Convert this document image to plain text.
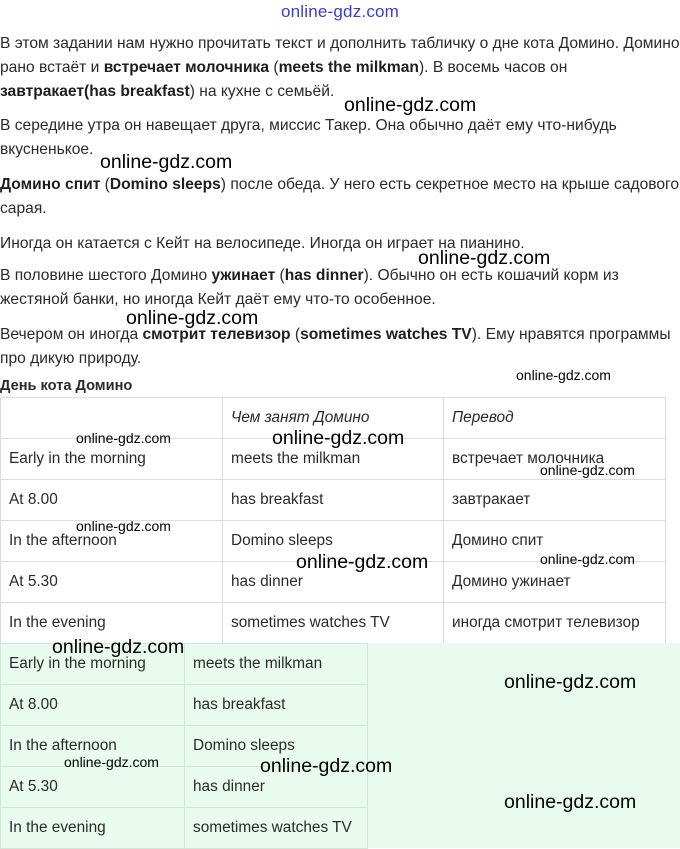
online-gdz.com

В этом задании нам нужно прочитать текст и дополнить табличку о дне кота Домино. Домино рано встаёт и встречает молочника (meets the milkman). В восемь часов он завтракает(has breakfast) на кухне с семьёй.

В середине утра он навещает друга, миссис Такер. Она обычно даёт ему что-нибудь вкусненькое.

Домино спит (Domino sleeps) после обеда. У него есть секретное место на крыше садового сарая.

Иногда он катается с Кейт на велосипеде. Иногда он играет на пианино.

В половине шестого Домино ужинает (has dinner). Обычно он есть кошачий корм из жестяной банки, но иногда Кейт даёт ему что-то особенное.

Вечером он иногда смотрит телевизор (sometimes watches TV). Ему нравятся программы про дикую природу.

День кота Домино

	Чем занят Домино	Перевод
Early in the morning	meets the milkman	встречает молочника
At 8.00	has breakfast	завтракает
In the afternoon	Domino sleeps	Домино спит
At 5.30	has dinner	Домино ужинает
In the evening	sometimes watches TV	иногда смотрит телевизор
Early in the morning	meets the milkman
At 8.00	has breakfast
In the afternoon	Domino sleeps
At 5.30	has dinner
In the evening	sometimes watches TV
online-gdz.com
online-gdz.com
online-gdz.com
online-gdz.com
online-gdz.com
online-gdz.com	online-gdz.com
online-gdz.com
online-gdz.com
online-gdz.com	online-gdz.com
online-gdz.com
online-gdz.com
online-gdz.com	online-gdz.com
online-gdz.com
